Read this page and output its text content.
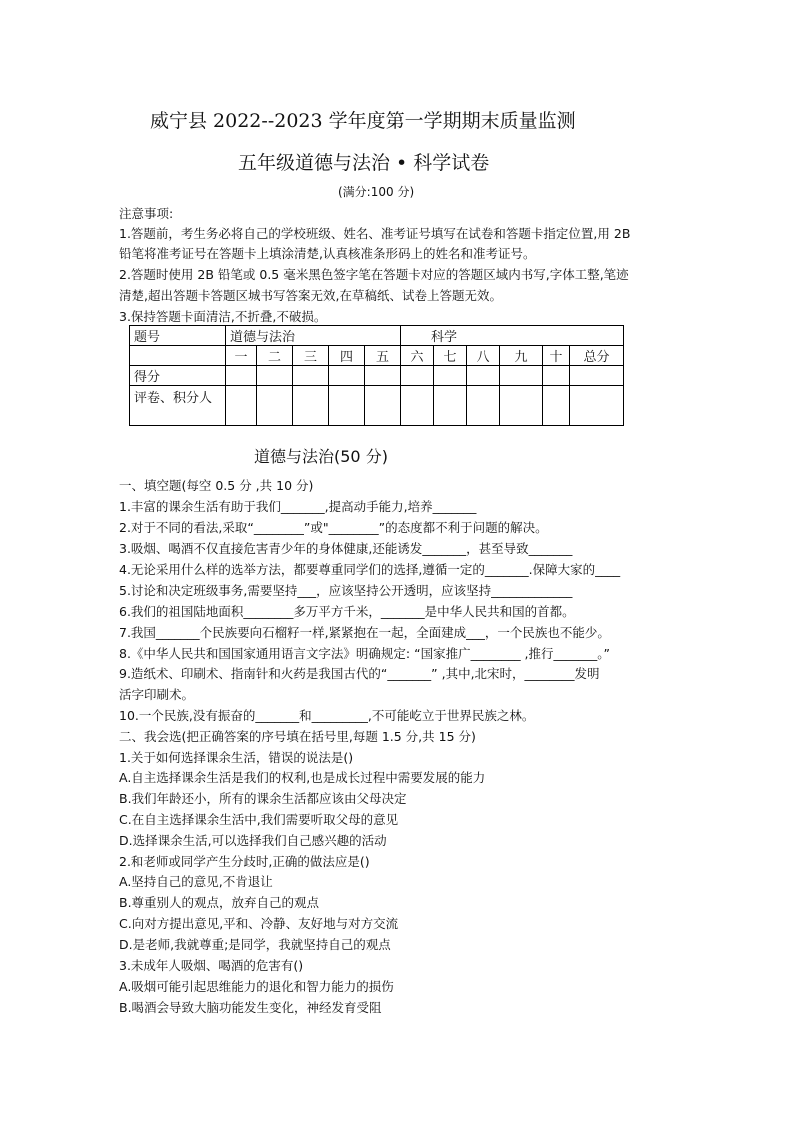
威宁县 2022--2023 学年度第一学期期末质量监测
五年级道德与法治 • 科学试卷
(满分:100 分)
注意事项:
1.答题前，考生务必将自己的学校班级、姓名、准考证号填写在试卷和答题卡指定位置,用 2B
铅笔将准考证号在答题卡上填涂清楚,认真核准条形码上的姓名和准考证号。
2.答题时使用 2B 铅笔或 0.5 毫米黑色签字笔在答题卡对应的答题区域内书写,字体工整,笔迹
清楚,超出答题卡答题区城书写答案无效,在草稿纸、试卷上答题无效。
3.保持答题卡面清洁,不折叠,不破损。
题号	道德与法治					科学					
	一	二	三	四	五	六	七	八	九	十	总分
得分											
评卷、积分人											
道德与法治(50 分)
一、填空题(每空 0.5 分 ,共 10 分)
1.丰富的课余生活有助于我们_______,提高动手能力,培养_______
2.对于不同的看法,采取“________”或"________”的态度都不利于问题的解决。
3.吸烟、喝酒不仅直接危害青少年的身体健康,还能诱发_______，甚至导致_______
4.无论采用什么样的选举方法，都要尊重同学们的选择,遵循一定的_______.保障大家的____
5.讨论和决定班级事务,需要坚持___，应该坚持公开透明，应该坚持_____________
6.我们的祖国陆地面积________多万平方千米，_______是中华人民共和国的首都。
7.我国_______个民族要向石榴籽一样,紧紧抱在一起，全面建成___，一个民族也不能少。
8.《中华人民共和国国家通用语言文字法》明确规定: “国家推广________ ,推行_______。”
9.造纸术、印刷术、指南针和火药是我国古代的“_______” ,其中,北宋时，________发明
活字印刷术。
10.一个民族,没有振奋的_______和_________,不可能屹立于世界民族之林。
二、我会选(把正确答案的序号填在括号里,每题 1.5 分,共 15 分)
1.关于如何选择课余生活，错误的说法是()
A.自主选择课余生活是我们的权利,也是成长过程中需要发展的能力
B.我们年龄还小，所有的课余生活都应该由父母决定
C.在自主选择课余生活中,我们需要听取父母的意见
D.选择课余生活,可以选择我们自己感兴趣的活动
2.和老师或同学产生分歧时,正确的做法应是()
A.坚持自己的意见,不肯退让
B.尊重别人的观点，放弃自己的观点
C.向对方提出意见,平和、冷静、友好地与对方交流
D.是老师,我就尊重;是同学，我就坚持自己的观点
3.未成年人吸烟、喝酒的危害有()
A.吸烟可能引起思维能力的退化和智力能力的损伤
B.喝酒会导致大脑功能发生变化，神经发育受阻
